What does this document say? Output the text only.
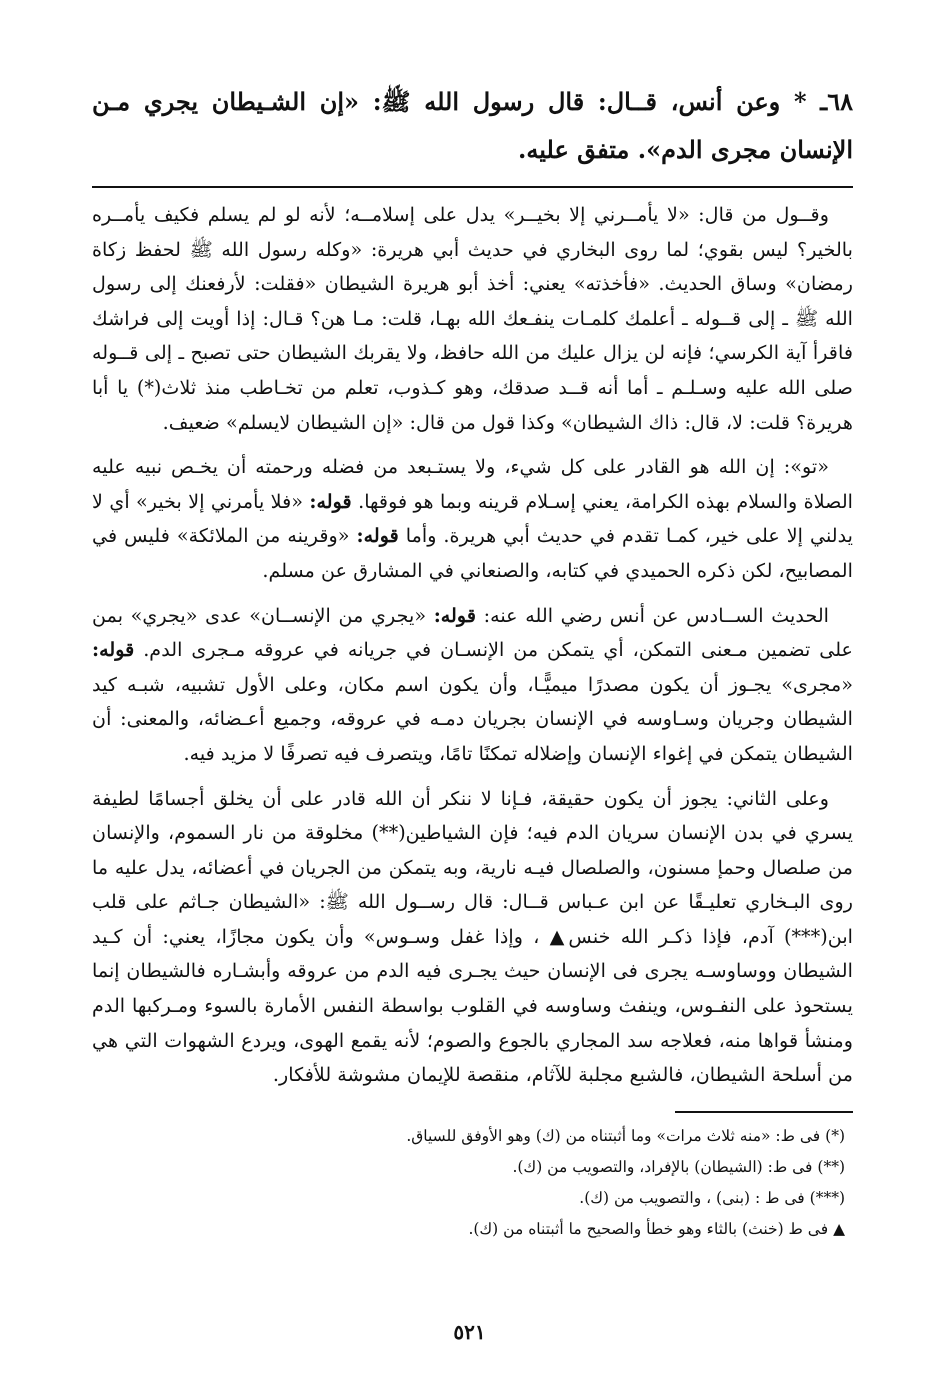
٦٨ـ * وعن أنس، قــال: قال رسول الله ﷺ: «إن الشـيطان يجري مـن الإنسان مجرى الدم». متفق عليه.

وقــول من قال: «لا يأمــرني إلا بخيــر» يدل على إسلامــه؛ لأنه لو لم يسلم فكيف يأمــره بالخير؟ ليس بقوي؛ لما روى البخاري في حديث أبي هريرة: «وكله رسول الله ﷺ لحفظ زكاة رمضان» وساق الحديث. «فأخذته» يعني: أخذ أبو هريرة الشيطان «فقلت: لأرفعنك إلى رسول الله ﷺ ـ إلى قــوله ـ أعلمك كلمـات ينفـعك الله بهـا، قلت: مـا هن؟ قـال: إذا أويت إلى فراشك فاقرأ آية الكرسي؛ فإنه لن يزال عليك من الله حافظ، ولا يقربك الشيطان حتى تصبح ـ إلى قــوله صلى الله عليه وسـلـم ـ أما أنه قــد صدقك، وهو كـذوب، تعلم من تخـاطب منذ ثلاث(*) يا أبا هريرة؟ قلت: لا، قال: ذاك الشيطان» وكذا قول من قال: «إن الشيطان لايسلم» ضعيف.

«تو»: إن الله هو القادر على كل شيء، ولا يستـبعد من فضله ورحمته أن يخـص نبيه عليه الصلاة والسلام بهذه الكرامة، يعني إسـلام قرينه وبما هو فوقها. قوله: «فلا يأمرني إلا بخير» أي لا يدلني إلا على خير، كمـا تقدم في حديث أبي هريرة. وأما قوله: «وقرينه من الملائكة» فليس في المصابيح، لكن ذكره الحميدي في كتابه، والصنعاني في المشارق عن مسلم.

الحديث الســادس عن أنس رضي الله عنه: قوله: «يجري من الإنســان» عدى «يجري» بمن على تضمين مـعنى التمكن، أي يتمكن من الإنسـان في جريانه في عروقه مـجرى الدم. قوله: «مجرى» يجـوز أن يكون مصدرًا ميميًّـا، وأن يكون اسم مكان، وعلى الأول تشبيه، شبـه كيد الشيطان وجريان وسـاوسه في الإنسان بجريان دمـه في عروقه، وجميع أعـضائه، والمعنى: أن الشيطان يتمكن في إغواء الإنسان وإضلاله تمكنًا تامًا، ويتصرف فيه تصرفًا لا مزيد فيه.

وعلى الثاني: يجوز أن يكون حقيقة، فـإنا لا ننكر أن الله قادر على أن يخلق أجسامًا لطيفة يسري في بدن الإنسان سريان الدم فيه؛ فإن الشياطين(**) مخلوقة من نار السموم، والإنسان من صلصال وحمإ مسنون، والصلصال فيـه نارية، وبه يتمكن من الجريان في أعضائه، يدل عليه ما روى البـخاري تعليـقًا عن ابن عـباس قــال: قال رســول الله ﷺ: «الشيطان جـاثم على قلب ابن(***) آدم، فإذا ذكـر الله خنس▲ ، وإذا غفل وسـوس» وأن يكون مجازًا، يعني: أن كـيد الشيطان ووساوسـه يجرى فى الإنسان حيث يجـرى فيه الدم من عروقه وأبشـاره فالشيطان إنما يستحوذ على النفـوس، وينفث وساوسه في القلوب بواسطة النفس الأمارة بالسوء ومـركبها الدم ومنشأ قواها منه، فعلاجه سد المجاري بالجوع والصوم؛ لأنه يقمع الهوى، ويردع الشهوات التي هي من أسلحة الشيطان، فالشبع مجلبة للآثام، منقصة للإيمان مشوشة للأفكار.

(*) فى ط: «منه ثلاث مرات» وما أثبتناه من (ك) وهو الأوفق للسياق.

(**) فى ط: (الشيطان) بالإفراد، والتصويب من (ك).

(***) فى ط : (بنى) ، والتصويب من (ك).

▲ فى ط (خنث) بالثاء وهو خطأ والصحيح ما أثبتناه من (ك).

٥٢١
